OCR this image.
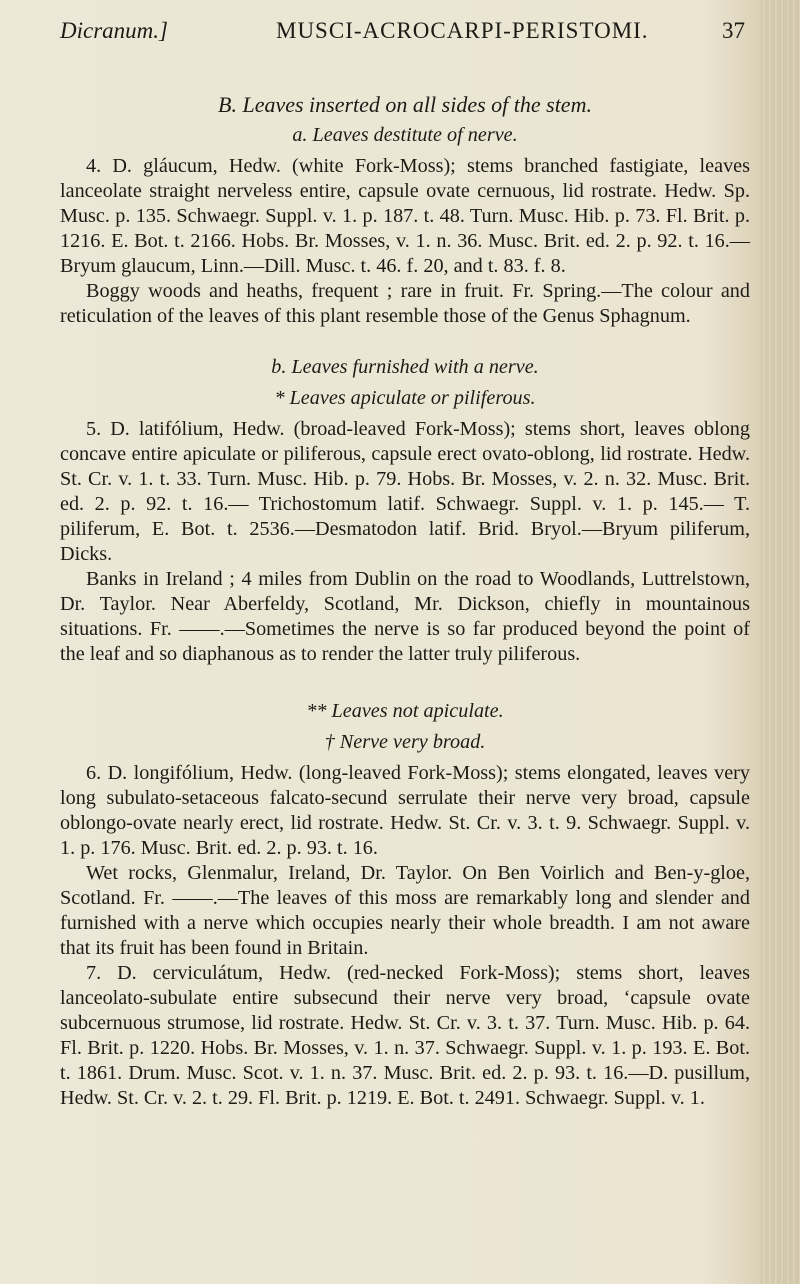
Dicranum.]	MUSCI-ACROCARPI-PERISTOMI.	37
B. Leaves inserted on all sides of the stem.
a. Leaves destitute of nerve.

4. D. gláucum, Hedw. (white Fork-Moss); stems branched fastigiate, leaves lanceolate straight nerveless entire, capsule ovate cernuous, lid rostrate. Hedw. Sp. Musc. p. 135. Schwaegr. Suppl. v. 1. p. 187. t. 48. Turn. Musc. Hib. p. 73. Fl. Brit. p. 1216. E. Bot. t. 2166. Hobs. Br. Mosses, v. 1. n. 36. Musc. Brit. ed. 2. p. 92. t. 16.—Bryum glaucum, Linn.—Dill. Musc. t. 46. f. 20, and t. 83. f. 8.

Boggy woods and heaths, frequent ; rare in fruit. Fr. Spring.—The colour and reticulation of the leaves of this plant resemble those of the Genus Sphagnum.

b. Leaves furnished with a nerve.
* Leaves apiculate or piliferous.

5. D. latifólium, Hedw. (broad-leaved Fork-Moss); stems short, leaves oblong concave entire apiculate or piliferous, capsule erect ovato-oblong, lid rostrate. Hedw. St. Cr. v. 1. t. 33. Turn. Musc. Hib. p. 79. Hobs. Br. Mosses, v. 2. n. 32. Musc. Brit. ed. 2. p. 92. t. 16.— Trichostomum latif. Schwaegr. Suppl. v. 1. p. 145.— T. piliferum, E. Bot. t. 2536.—Desmatodon latif. Brid. Bryol.—Bryum piliferum, Dicks.

Banks in Ireland ; 4 miles from Dublin on the road to Woodlands, Luttrelstown, Dr. Taylor. Near Aberfeldy, Scotland, Mr. Dickson, chiefly in mountainous situations. Fr. ——.—Sometimes the nerve is so far produced beyond the point of the leaf and so diaphanous as to render the latter truly piliferous.

** Leaves not apiculate.
† Nerve very broad.

6. D. longifólium, Hedw. (long-leaved Fork-Moss); stems elongated, leaves very long subulato-setaceous falcato-secund serrulate their nerve very broad, capsule oblongo-ovate nearly erect, lid rostrate. Hedw. St. Cr. v. 3. t. 9. Schwaegr. Suppl. v. 1. p. 176. Musc. Brit. ed. 2. p. 93. t. 16.

Wet rocks, Glenmalur, Ireland, Dr. Taylor. On Ben Voirlich and Ben-y-gloe, Scotland. Fr. ——.—The leaves of this moss are remarkably long and slender and furnished with a nerve which occupies nearly their whole breadth. I am not aware that its fruit has been found in Britain.

7. D. cerviculátum, Hedw. (red-necked Fork-Moss); stems short, leaves lanceolato-subulate entire subsecund their nerve very broad, ‘capsule ovate subcernuous strumose, lid rostrate. Hedw. St. Cr. v. 3. t. 37. Turn. Musc. Hib. p. 64. Fl. Brit. p. 1220. Hobs. Br. Mosses, v. 1. n. 37. Schwaegr. Suppl. v. 1. p. 193. E. Bot. t. 1861. Drum. Musc. Scot. v. 1. n. 37. Musc. Brit. ed. 2. p. 93. t. 16.—D. pusillum, Hedw. St. Cr. v. 2. t. 29. Fl. Brit. p. 1219. E. Bot. t. 2491. Schwaegr. Suppl. v. 1.
